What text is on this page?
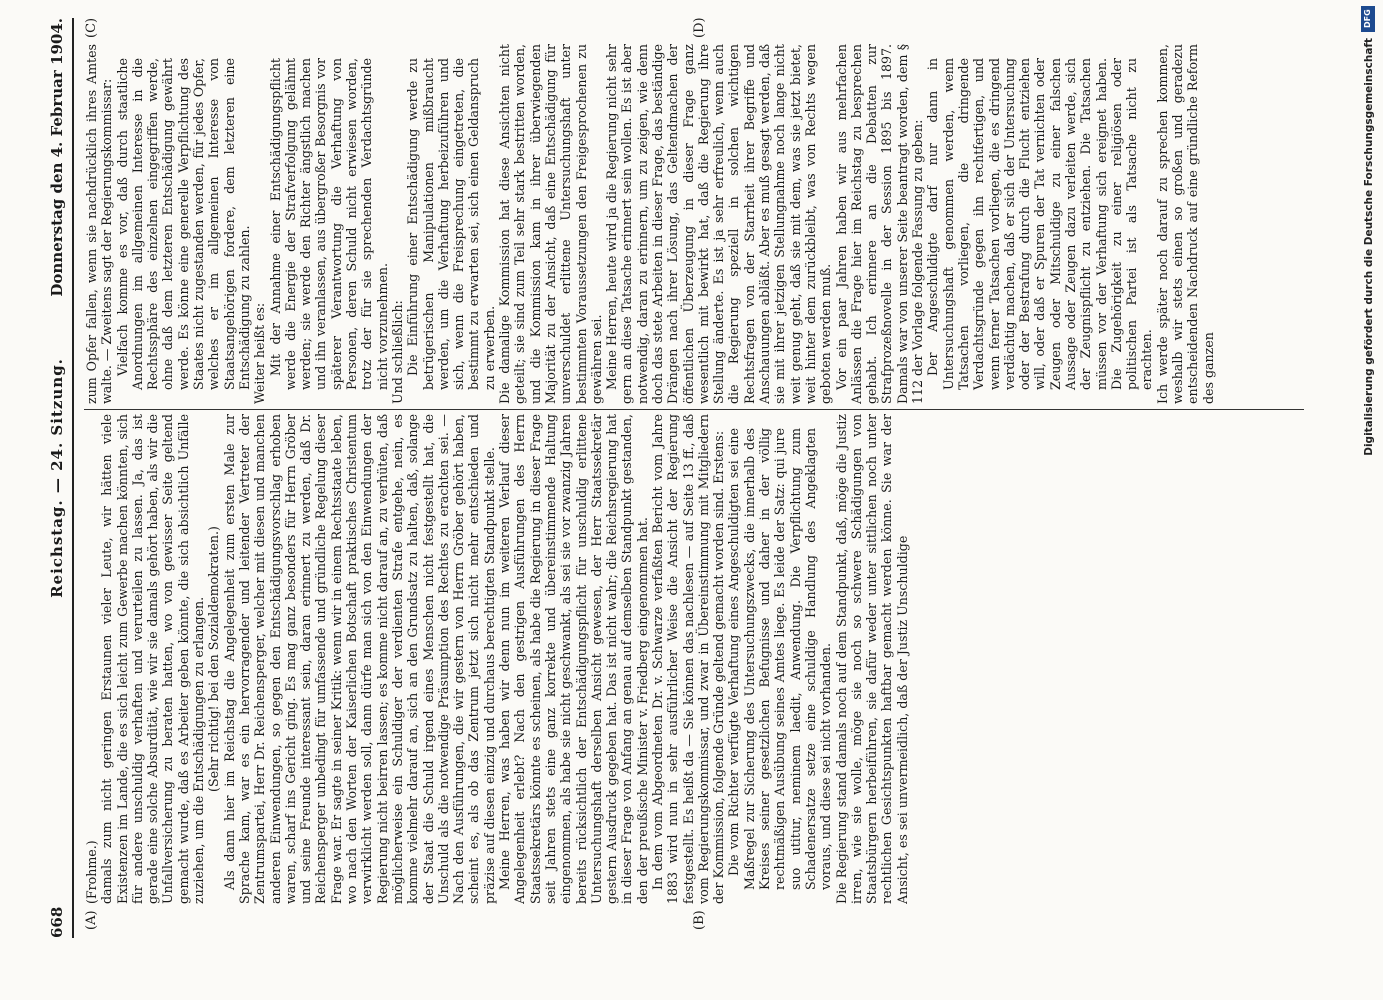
668
Reichstag. — 24. Sitzung.
Donnerstag den 4. Februar 1904.
(A)	(B)
(C)	(D)

(Frohme.) damals zum nicht geringen Erstaunen vieler Leute, wir hätten viele Existenzen im Lande, die es sich leicht zum Gewerbe machen könnten, sich für andere unschuldig verhaften und verurteilen zu lassen. Ja, das ist gerade eine solche Absurdität, wie wir sie damals gehört haben, als wir die Unfallversicherung zu beraten hatten, wo von gewisser Seite geltend gemacht wurde, daß es Arbeiter geben könnte, die sich absichtlich Unfälle zuziehen, um die Entschädigungen zu erlangen. (Sehr richtig! bei den Sozialdemokraten.) Als dann hier im Reichstag die Angelegenheit zum ersten Male zur Sprache kam, war es ein hervorragender und leitender Vertreter der Zentrumspartei, Herr Dr. Reichensperger, welcher mit diesen und manchen anderen Einwendungen, so gegen den Entschädigungsvorschlag erhoben waren, scharf ins Gericht ging. Es mag ganz besonders für Herrn Gröber und seine Freunde interessant sein, daran erinnert zu werden, daß Dr. Reichensperger unbedingt für umfassende und gründliche Regelung dieser Frage war. Er sagte in seiner Kritik: wenn wir in einem Rechtsstaate leben, wo nach den Worten der Kaiserlichen Botschaft praktisches Christentum verwirklicht werden soll, dann dürfe man sich von den Einwendungen der Regierung nicht beirren lassen; es komme nicht darauf an, zu verhüten, daß möglicherweise ein Schuldiger der verdienten Strafe entgehe, nein, es komme vielmehr darauf an, sich an den Grundsatz zu halten, daß, solange der Staat die Schuld irgend eines Menschen nicht festgestellt hat, die Unschuld als die notwendige Präsumption des Rechtes zu erachten sei. — Nach den Ausführungen, die wir gestern von Herrn Gröber gehört haben, scheint es, als ob das Zentrum jetzt sich nicht mehr entschieden und präzise auf diesen einzig und durchaus berechtigten Standpunkt stelle. Meine Herren, was haben wir denn nun im weiteren Verlauf dieser Angelegenheit erlebt? Nach den gestrigen Ausführungen des Herrn Staatssekretärs könnte es scheinen, als habe die Regierung in dieser Frage seit Jahren stets eine ganz korrekte und übereinstimmende Haltung eingenommen, als habe sie nicht geschwankt, als sei sie vor zwanzig Jahren bereits rücksichtlich der Entschädigungspflicht für unschuldig erlittene Untersuchungshaft derselben Ansicht gewesen, der Herr Staatssekretär gestern Ausdruck gegeben hat. Das ist nicht wahr; die Reichsregierung hat in dieser Frage von Anfang an genau auf demselben Standpunkt gestanden, den der preußische Minister v. Friedberg eingenommen hat. In dem vom Abgeordneten Dr. v. Schwarze verfaßten Bericht vom Jahre 1883 wird nun in sehr ausführlicher Weise die Ansicht der Regierung festgestellt. Es heißt da — Sie können das nachlesen — auf Seite 13 ff., daß vom Regierungskommissar, und zwar in Übereinstimmung mit Mitgliedern der Kommission, folgende Gründe geltend gemacht worden sind. Erstens: Die vom Richter verfügte Verhaftung eines Angeschuldigten sei eine Maßregel zur Sicherung des Untersuchungszwecks, die innerhalb des Kreises seiner gesetzlichen Befugnisse und daher in der völlig rechtmäßigen Ausübung seines Amtes liege. Es leide der Satz: qui jure suo utitur, neminem laedit, Anwendung. Die Verpflichtung zum Schadenersatze setze eine schuldige Handlung des Angeklagten voraus, und diese sei nicht vorhanden. Die Regierung stand damals noch auf dem Standpunkt, daß, möge die Justiz irren, wie sie wolle, möge sie noch so schwere Schädigungen von Staatsbürgern herbeiführen, sie dafür weder unter sittlichen noch unter rechtlichen Gesichtspunkten haftbar gemacht werden könne. Sie war der Ansicht, es sei unvermeidlich, daß der Justiz Unschuldige

zum Opfer fallen, wenn sie nachdrücklich ihres Amtes walte. — Zweitens sagt der Regierungskommissar: Vielfach komme es vor, daß durch staatliche Anordnungen im allgemeinen Interesse in die Rechtssphäre des einzelnen eingegriffen werde, ohne daß dem letzteren Entschädigung gewährt werde. Es könne eine generelle Verpflichtung des Staates nicht zugestanden werden, für jedes Opfer, welches er im allgemeinen Interesse von Staatsangehörigen fordere, dem letzteren eine Entschädigung zu zahlen. Weiter heißt es: Mit der Annahme einer Entschädigungspflicht werde die Energie der Strafverfolgung gelähmt werden; sie werde den Richter ängstlich machen und ihn veranlassen, aus übergroßer Besorgnis vor späterer Verantwortung die Verhaftung von Personen, deren Schuld nicht erwiesen worden, trotz der für sie sprechenden Verdachtsgründe nicht vorzunehmen. Und schließlich: Die Einführung einer Entschädigung werde zu betrügerischen Manipulationen mißbraucht werden, um die Verhaftung herbeizuführen und sich, wenn die Freisprechung eingetreten, die bestimmt zu erwarten sei, sich einen Geldanspruch zu erwerben. Die damalige Kommission hat diese Ansichten nicht geteilt; sie sind zum Teil sehr stark bestritten worden, und die Kommission kam in ihrer überwiegenden Majorität zu der Ansicht, daß eine Entschädigung für unverschuldet erlittene Untersuchungshaft unter bestimmten Voraussetzungen den Freigesprochenen zu gewähren sei. Meine Herren, heute wird ja die Regierung nicht sehr gern an diese Tatsache erinnert sein wollen. Es ist aber notwendig, daran zu erinnern, um zu zeigen, wie denn doch das stete Arbeiten in dieser Frage, das beständige Drängen nach ihrer Lösung, das Geltendmachen der öffentlichen Überzeugung in dieser Frage ganz wesentlich mit bewirkt hat, daß die Regierung ihre Stellung änderte. Es ist ja sehr erfreulich, wenn auch die Regierung speziell in solchen wichtigen Rechtsfragen von der Starrheit ihrer Begriffe und Anschauungen abläßt. Aber es muß gesagt werden, daß sie mit ihrer jetzigen Stellungnahme noch lange nicht weit genug geht, daß sie mit dem, was sie jetzt bietet, weit hinter dem zurückbleibt, was von Rechts wegen geboten werden muß. Vor ein paar Jahren haben wir aus mehrfachen Anlässen die Frage hier im Reichstag zu besprechen gehabt. Ich erinnere an die Debatten zur Strafprozeßnovelle in der Session 1895 bis 1897. Damals war von unserer Seite beantragt worden, dem § 112 der Vorlage folgende Fassung zu geben: Der Angeschuldigte darf nur dann in Untersuchungshaft genommen werden, wenn Tatsachen vorliegen, die dringende Verdachtsgründe gegen ihn rechtfertigen, und wenn ferner Tatsachen vorliegen, die es dringend verdächtig machen, daß er sich der Untersuchung oder der Bestrafung durch die Flucht entziehen will, oder daß er Spuren der Tat vernichten oder Zeugen oder Mitschuldige zu einer falschen Aussage oder Zeugen dazu verleiten werde, sich der Zeugnispflicht zu entziehen. Die Tatsachen müssen vor der Verhaftung sich ereignet haben. Die Zugehörigkeit zu einer religiösen oder politischen Partei ist als Tatsache nicht zu erachten. Ich werde später noch darauf zu sprechen kommen, weshalb wir stets einen so großen und geradezu entscheidenden Nachdruck auf eine gründliche Reform des ganzen

DFG
Digitalisierung gefördert durch die Deutsche Forschungsgemeinschaft
